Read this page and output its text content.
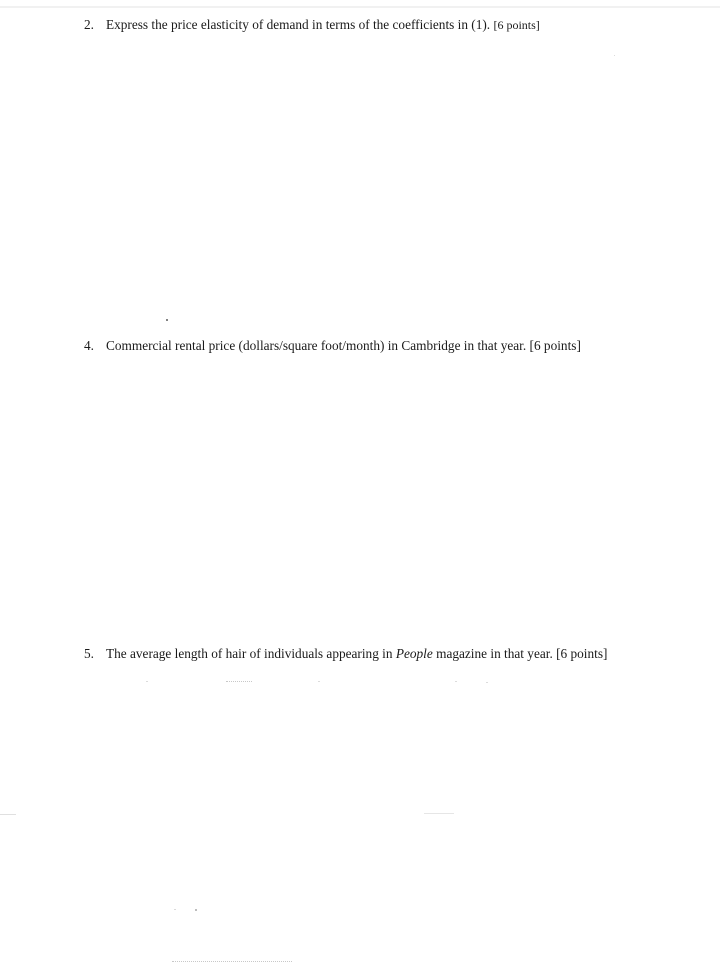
2. Express the price elasticity of demand in terms of the coefficients in (1). [6 points]
4. Commercial rental price (dollars/square foot/month) in Cambridge in that year. [6 points]
5. The average length of hair of individuals appearing in People magazine in that year. [6 points]
